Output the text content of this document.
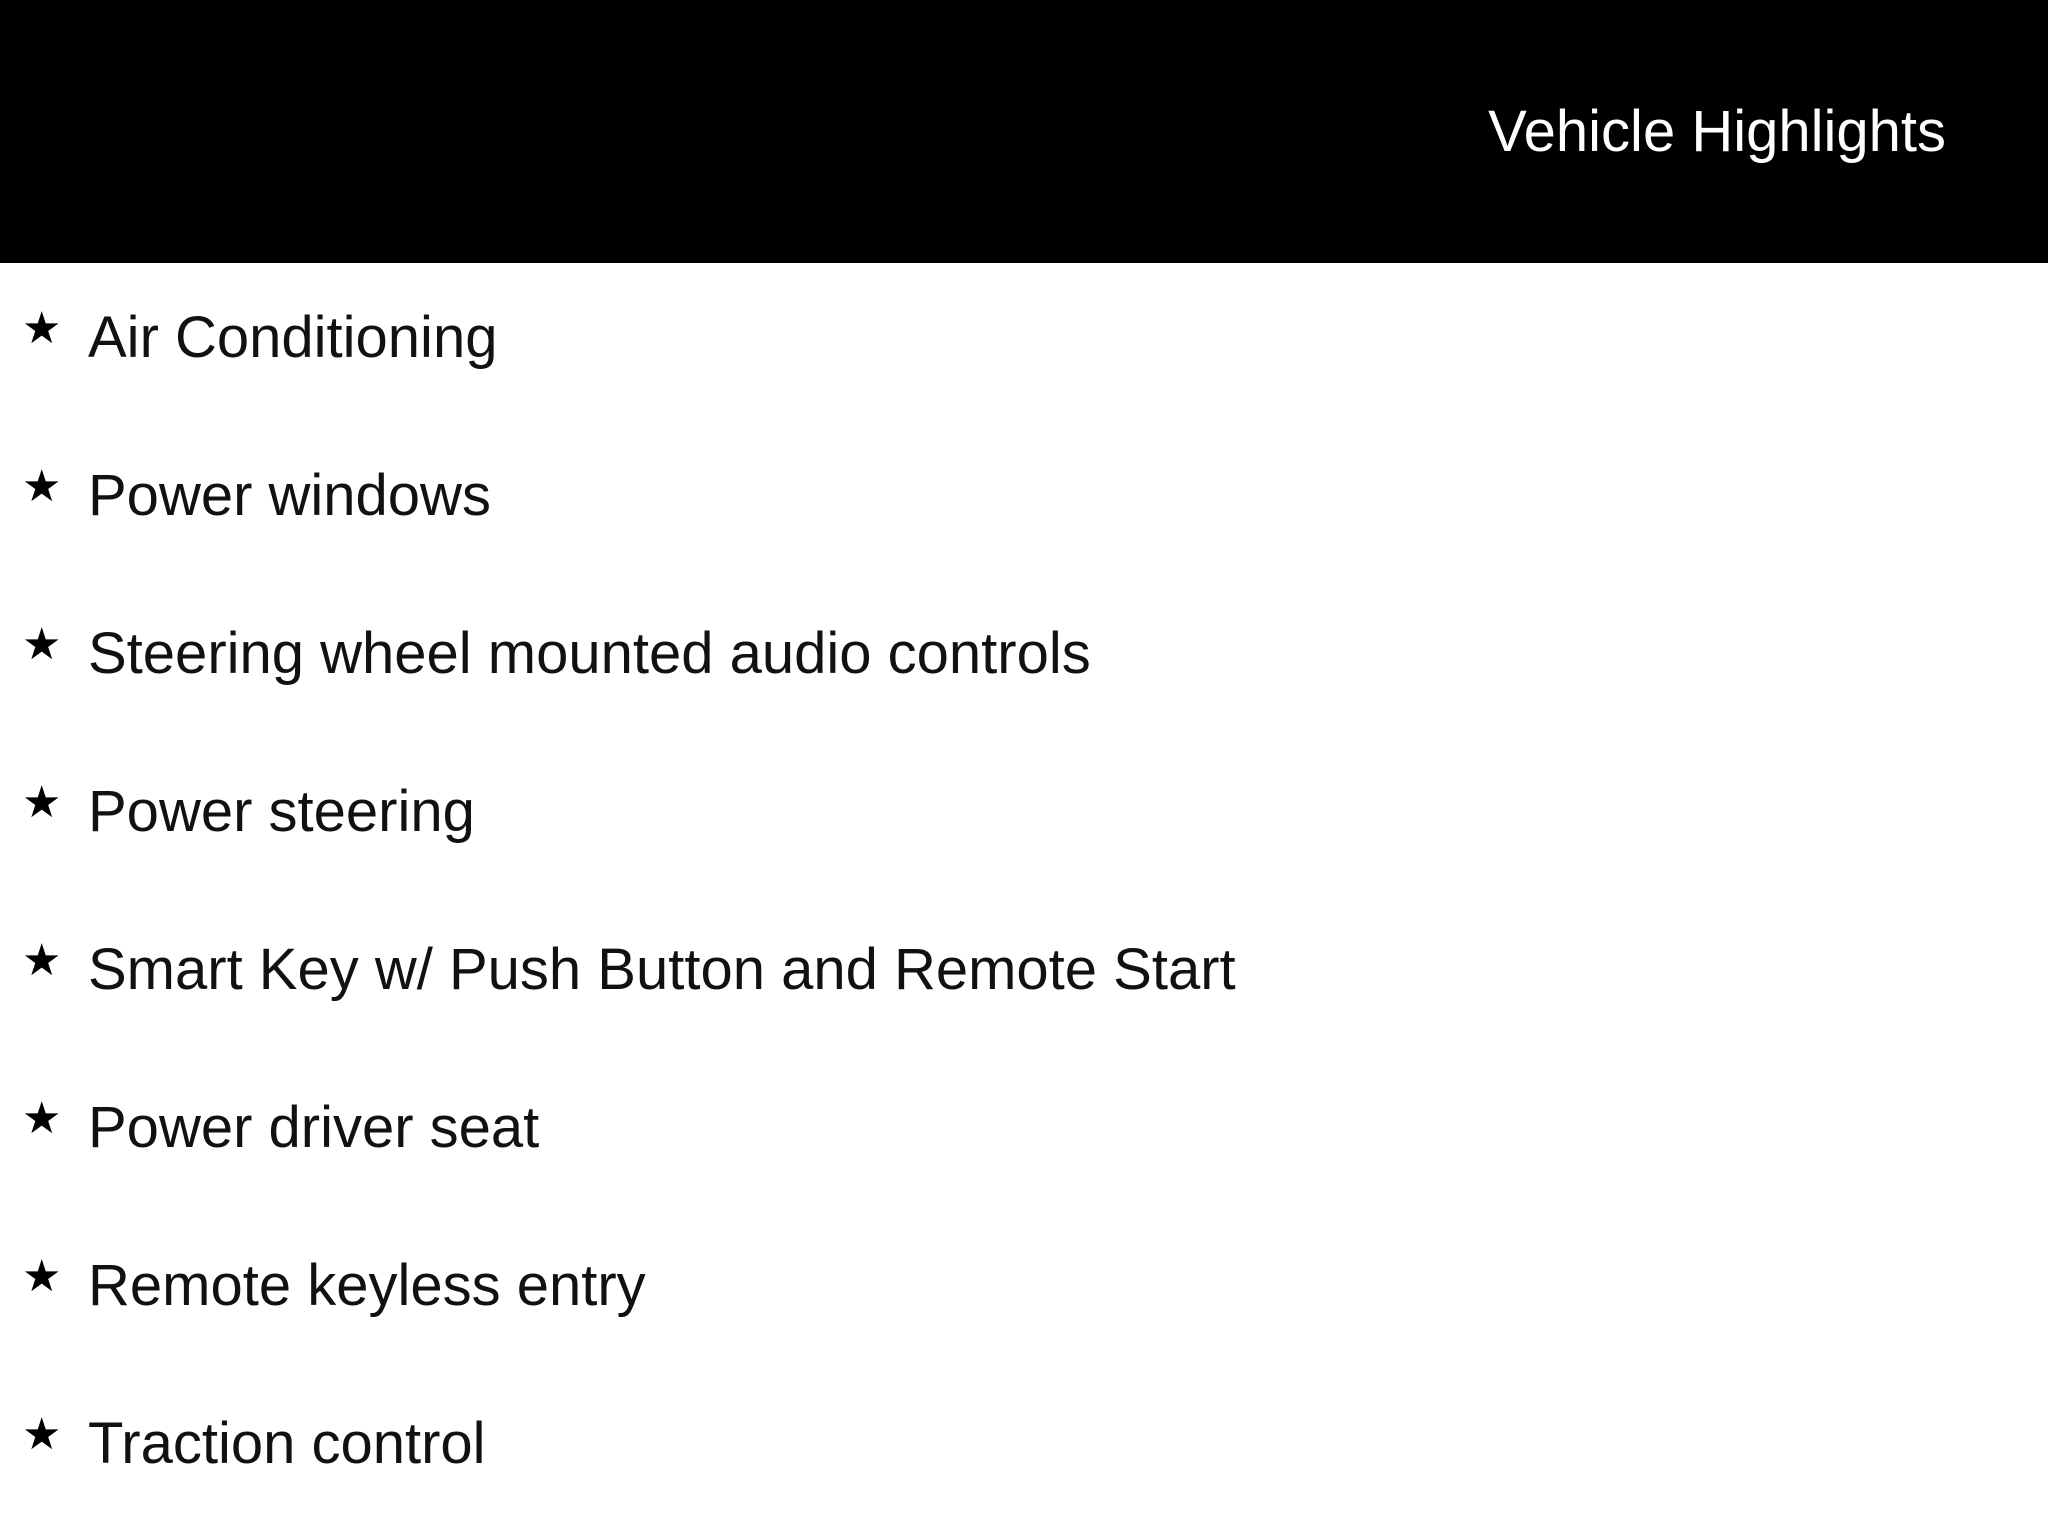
Vehicle Highlights
★ Air Conditioning
★ Power windows
★ Steering wheel mounted audio controls
★ Power steering
★ Smart Key w/ Push Button and Remote Start
★ Power driver seat
★ Remote keyless entry
★ Traction control
